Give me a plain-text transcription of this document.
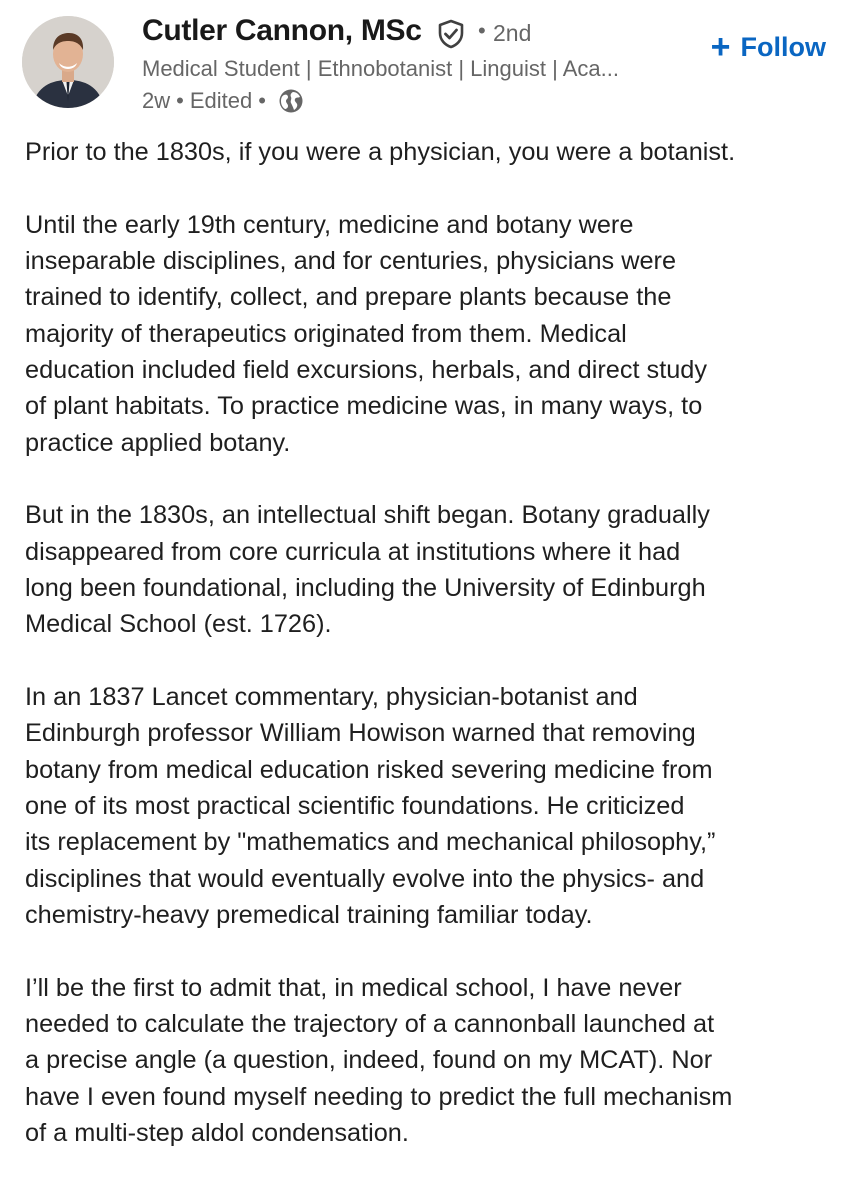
Cutler Cannon, MSc	• 2nd
Medical Student | Ethnobotanist | Linguist | Aca...
2w • Edited •
+ Follow

Prior to the 1830s, if you were a physician, you were a botanist.

Until the early 19th century, medicine and botany were
inseparable disciplines, and for centuries, physicians were
trained to identify, collect, and prepare plants because the
majority of therapeutics originated from them. Medical
education included field excursions, herbals, and direct study
of plant habitats. To practice medicine was, in many ways, to
practice applied botany.

But in the 1830s, an intellectual shift began. Botany gradually
disappeared from core curricula at institutions where it had
long been foundational, including the University of Edinburgh
Medical School (est. 1726).

In an 1837 Lancet commentary, physician-botanist and
Edinburgh professor William Howison warned that removing
botany from medical education risked severing medicine from
one of its most practical scientific foundations. He criticized
its replacement by "mathematics and mechanical philosophy,”
disciplines that would eventually evolve into the physics- and
chemistry-heavy premedical training familiar today.

I’ll be the first to admit that, in medical school, I have never
needed to calculate the trajectory of a cannonball launched at
a precise angle (a question, indeed, found on my MCAT). Nor
have I even found myself needing to predict the full mechanism
of a multi-step aldol condensation.
